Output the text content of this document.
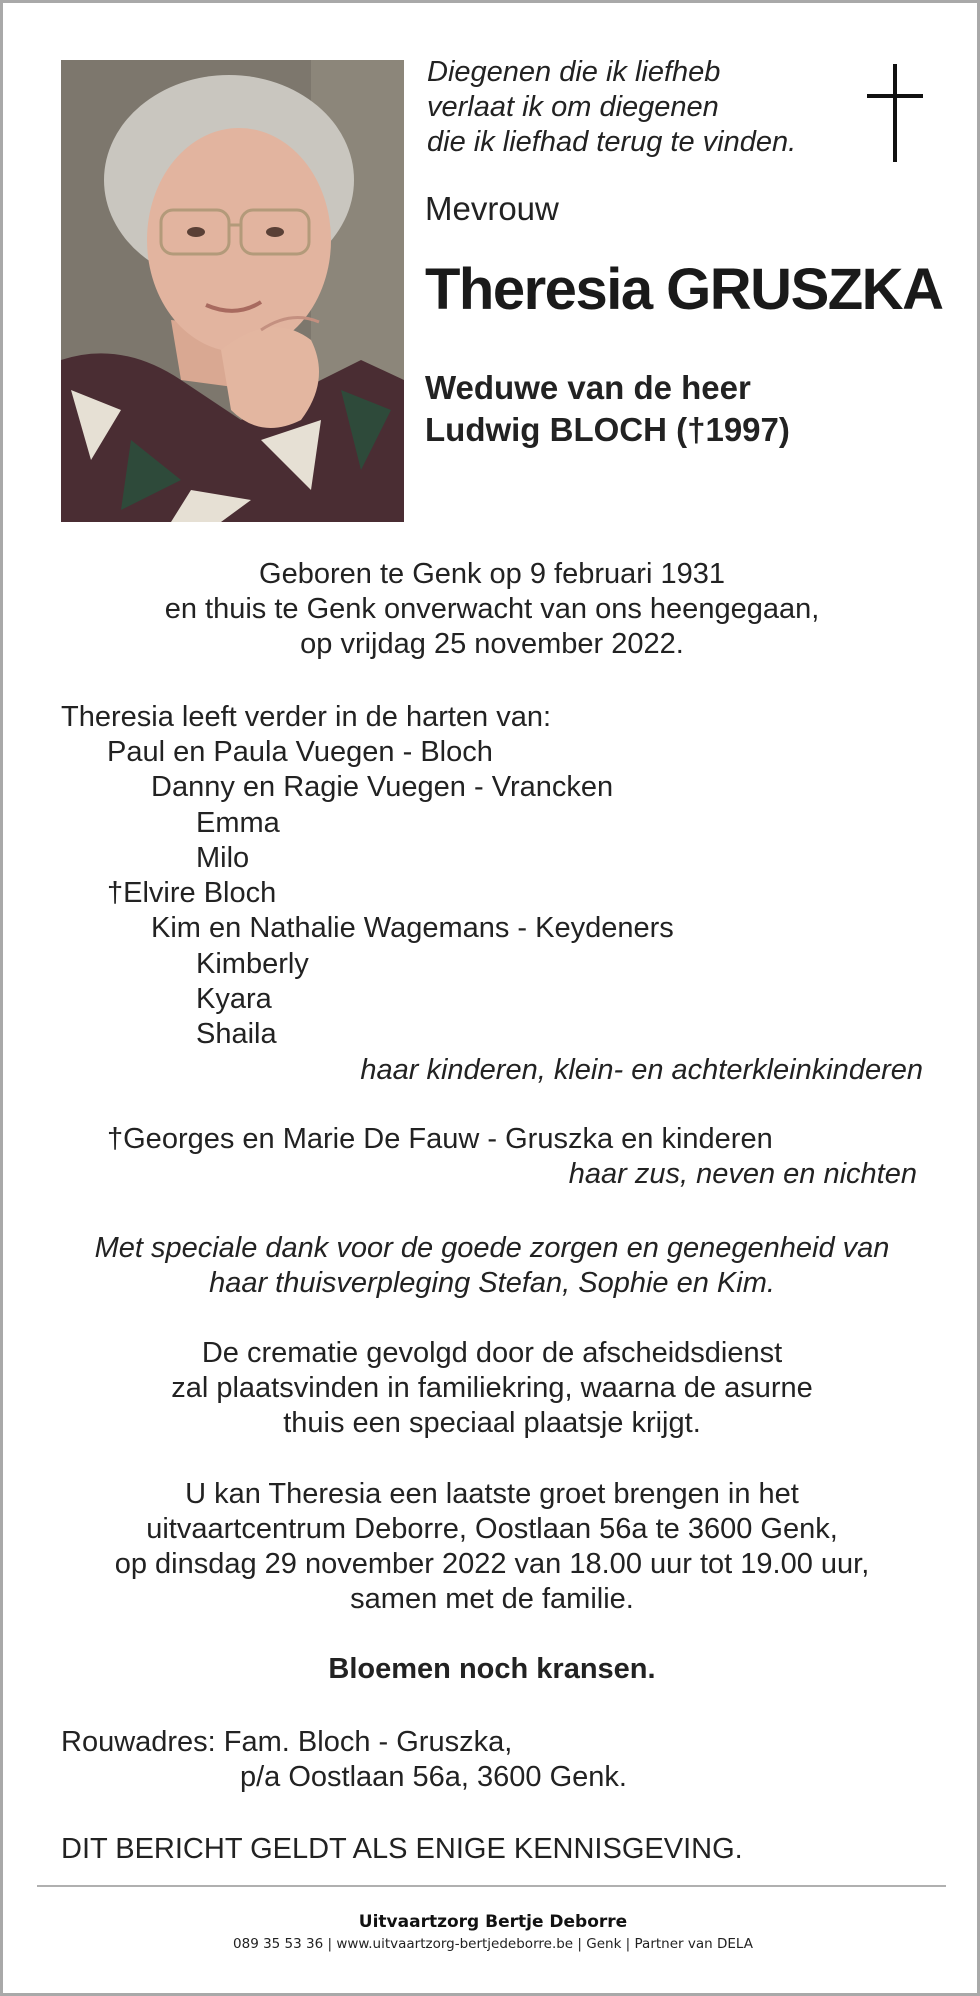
Diegenen die ik liefheb
verlaat ik om diegenen
die ik liefhad terug te vinden.
Mevrouw
Theresia GRUSZKA
Weduwe van de heer
Ludwig BLOCH (†1997)
Geboren te Genk op 9 februari 1931
en thuis te Genk onverwacht van ons heengegaan,
op vrijdag 25 november 2022.
Theresia leeft verder in de harten van:
Paul en Paula Vuegen - Bloch
Danny en Ragie Vuegen - Vrancken
Emma
Milo
†Elvire Bloch
Kim en Nathalie Wagemans - Keydeners
Kimberly
Kyara
Shaila
haar kinderen, klein- en achterkleinkinderen
†Georges en Marie De Fauw - Gruszka en kinderen
haar zus, neven en nichten
Met speciale dank voor de goede zorgen en genegenheid van
haar thuisverpleging Stefan, Sophie en Kim.
De crematie gevolgd door de afscheidsdienst
zal plaatsvinden in familiekring, waarna de asurne
thuis een speciaal plaatsje krijgt.
U kan Theresia een laatste groet brengen in het
uitvaartcentrum Deborre, Oostlaan 56a te 3600 Genk,
op dinsdag 29 november 2022 van 18.00 uur tot 19.00 uur,
samen met de familie.
Bloemen noch kransen.
Rouwadres: Fam. Bloch - Gruszka,
p/a Oostlaan 56a, 3600 Genk.
DIT BERICHT GELDT ALS ENIGE KENNISGEVING.
Uitvaartzorg Bertje Deborre
089 35 53 36 | www.uitvaartzorg-bertjedeborre.be | Genk | Partner van DELA
